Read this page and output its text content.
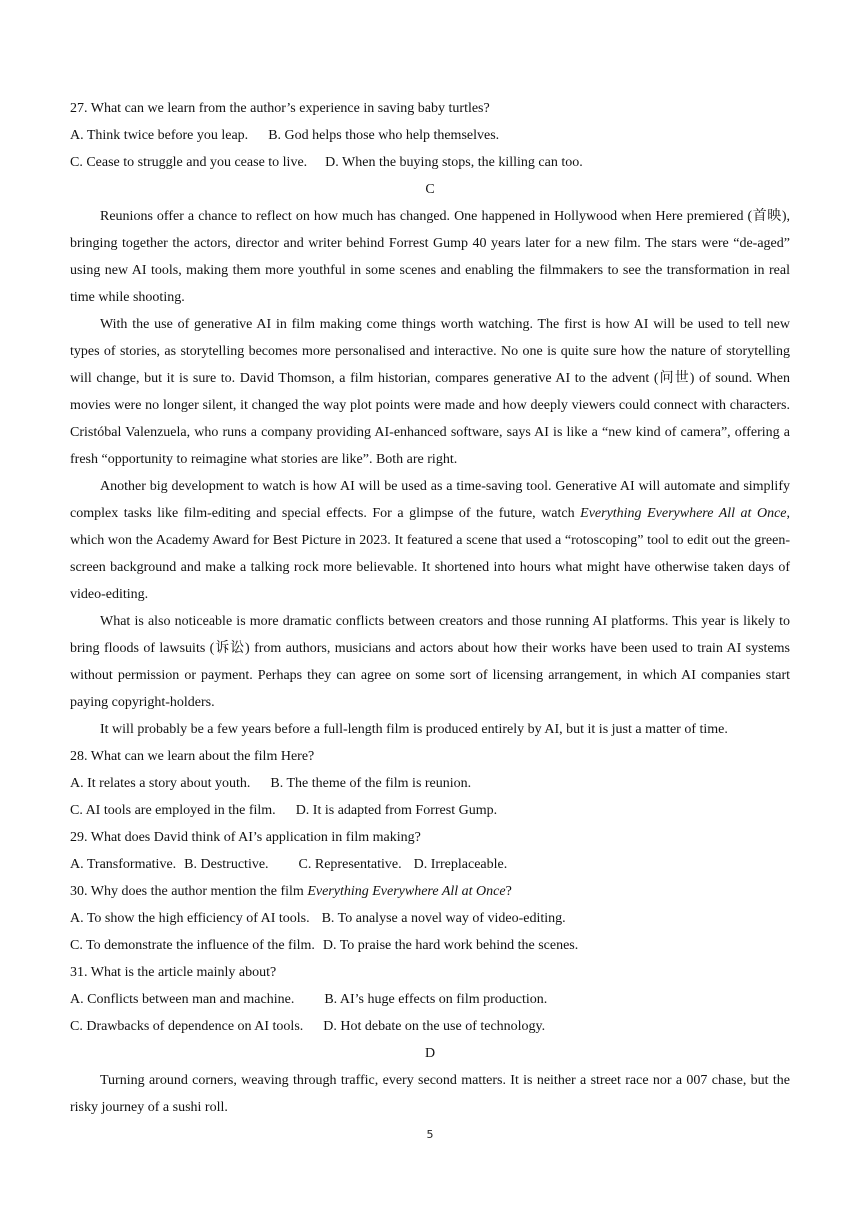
27. What can we learn from the author’s experience in saving baby turtles?

A. Think twice before you leap. B. God helps those who help themselves.

C. Cease to struggle and you cease to live. D. When the buying stops, the killing can too.

C

Reunions offer a chance to reflect on how much has changed. One happened in Hollywood when Here premiered (首映), bringing together the actors, director and writer behind Forrest Gump 40 years later for a new film. The stars were “de-aged” using new AI tools, making them more youthful in some scenes and enabling the filmmakers to see the transformation in real time while shooting.

With the use of generative AI in film making come things worth watching. The first is how AI will be used to tell new types of stories, as storytelling becomes more personalised and interactive. No one is quite sure how the nature of storytelling will change, but it is sure to. David Thomson, a film historian, compares generative AI to the advent (问世) of sound. When movies were no longer silent, it changed the way plot points were made and how deeply viewers could connect with characters. Cristóbal Valenzuela, who runs a company providing AI-enhanced software, says AI is like a “new kind of camera”, offering a fresh “opportunity to reimagine what stories are like”. Both are right.

Another big development to watch is how AI will be used as a time-saving tool. Generative AI will automate and simplify complex tasks like film-editing and special effects. For a glimpse of the future, watch Everything Everywhere All at Once, which won the Academy Award for Best Picture in 2023. It featured a scene that used a “rotoscoping” tool to edit out the green-screen background and make a talking rock more believable. It shortened into hours what might have otherwise taken days of video-editing.

What is also noticeable is more dramatic conflicts between creators and those running AI platforms. This year is likely to bring floods of lawsuits (诉讼) from authors, musicians and actors about how their works have been used to train AI systems without permission or payment. Perhaps they can agree on some sort of licensing arrangement, in which AI companies start paying copyright-holders.

It will probably be a few years before a full-length film is produced entirely by AI, but it is just a matter of time.

28. What can we learn about the film Here?

A. It relates a story about youth. B. The theme of the film is reunion.

C. AI tools are employed in the film. D. It is adapted from Forrest Gump.

29. What does David think of AI’s application in film making?

A. Transformative. B. Destructive. C. Representative. D. Irreplaceable.

30. Why does the author mention the film Everything Everywhere All at Once?

A. To show the high efficiency of AI tools. B. To analyse a novel way of video-editing.

C. To demonstrate the influence of the film. D. To praise the hard work behind the scenes.

31. What is the article mainly about?

A. Conflicts between man and machine. B. AI’s huge effects on film production.

C. Drawbacks of dependence on AI tools. D. Hot debate on the use of technology.

D

Turning around corners, weaving through traffic, every second matters. It is neither a street race nor a 007 chase, but the risky journey of a sushi roll.

5
